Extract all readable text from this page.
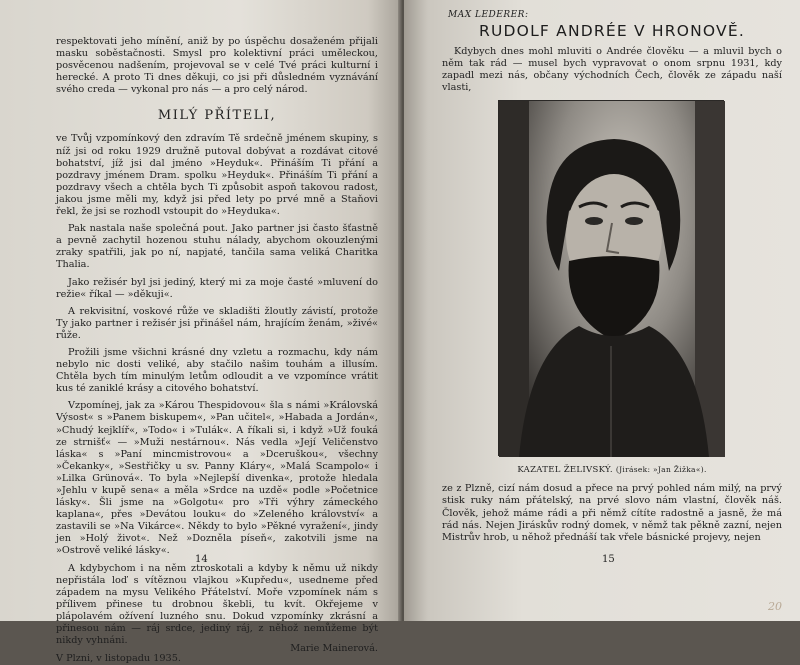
respektovati jeho mínění, aniž by po úspěchu dosaženém přijali masku soběstačnosti. Smysl pro kolektivní práci uměleckou, posvěcenou nadšením, projevoval se v celé Tvé práci kulturní i herecké. A proto Ti dnes děkuji, co jsi při důsledném vyznávání svého creda — vykonal pro nás — a pro celý národ.

MILÝ PŘÍTELI,

ve Tvůj vzpomínkový den zdravím Tě srdečně jménem skupiny, s níž jsi od roku 1929 družně putoval dobývat a rozdávat citové bohatství, jíž jsi dal jméno »Heyduk«. Přináším Ti přání a pozdravy jménem Dram. spolku »Heyduk«. Přináším Ti přání a pozdravy všech a chtěla bych Ti způsobit aspoň takovou radost, jakou jsme měli my, když jsi před lety po prvé mně a Staňovi řekl, že jsi se rozhodl vstoupit do »Heyduka«.

Pak nastala naše společná pout. Jako partner jsi často šťastně a pevně zachytil hozenou stuhu nálady, abychom okouzlenými zraky spatřili, jak po ní, napjaté, tančila sama veliká Charitka Thalia.

Jako režisér byl jsi jediný, který mi za moje časté »mluvení do režie« říkal — »děkuji«.

A rekvisitní, voskové růže ve skladišti žloutly závistí, protože Ty jako partner i režisér jsi přinášel nám, hrajícím ženám, »živé« růže.

Prožili jsme všichni krásné dny vzletu a rozmachu, kdy nám nebylo nic dosti veliké, aby stačilo našim touhám a illusím. Chtěla bych tím minulým letům odloudit a ve vzpomínce vrátit kus té zaniklé krásy a citového bohatství.

Vzpomínej, jak za »Károu Thespidovou« šla s námi »Královská Výsost« s »Panem biskupem«, »Pan učitel«, »Habada a Jordán«, »Chudý kejklíř«, »Todo« i »Tulák«. A říkali si, i když »Už fouká ze strnišť« — »Muži nestárnou«. Nás vedla »Její Veličenstvo láska« s »Paní mincmistrovou« a »Dceruškou«, všechny »Čekanky«, »Sestřičky u sv. Panny Kláry«, »Malá Scampolo« i »Lilka Grünová«. To byla »Nejlepší divenka«, protože hledala »Jehlu v kupě sena« a měla »Srdce na uzdě« podle »Početnice lásky«. Šli jsme na »Golgotu« pro »Tři výhry zámeckého kaplana«, přes »Devátou louku« do »Zeleného království« a zastavili se »Na Vikárce«. Někdy to bylo »Pěkné vyražení«, jindy jen »Holý život«. Než »Dozněla píseň«, zakotvili jsme na »Ostrově veliké lásky«.

A kdybychom i na něm ztroskotali a kdyby k němu už nikdy nepřistála loď s vítěznou vlajkou »Kupředu«, usedneme před západem na mysu Velikého Přátelství. Moře vzpomínek nám s přílivem přinese tu drobnou škebli, tu kvít. Okřejeme v plápolavém ožívení luzného snu. Dokud vzpomínky zkrásní a přinesou nám — ráj srdce, jediný ráj, z něhož nemůžeme být nikdy vyhnáni.

V Plzni, v listopadu 1935.
Marie Mainerová.
14
MAX LEDERER:
RUDOLF ANDRÉE V HRONOVĚ.

Kdybych dnes mohl mluviti o Andrée člověku — a mluvil bych o něm tak rád — musel bych vypravovat o onom srpnu 1931, kdy zapadl mezi nás, občany východních Čech, člověk ze západu naší vlasti,

KAZATEL ŽELIVSKÝ. (Jirásek: »Jan Žižka«).

ze z Plzně, cizí nám dosud a přece na prvý pohled nám milý, na prvý stisk ruky nám přátelský, na prvé slovo nám vlastní, člověk náš. Člověk, jehož máme rádi a při němž cítíte radostně a jasně, že má rád nás. Nejen Jiráskův rodný domek, v němž tak pěkně zazní, nejen Mistrův hrob, u něhož přednáší tak vřele básnické projevy, nejen

15
20
